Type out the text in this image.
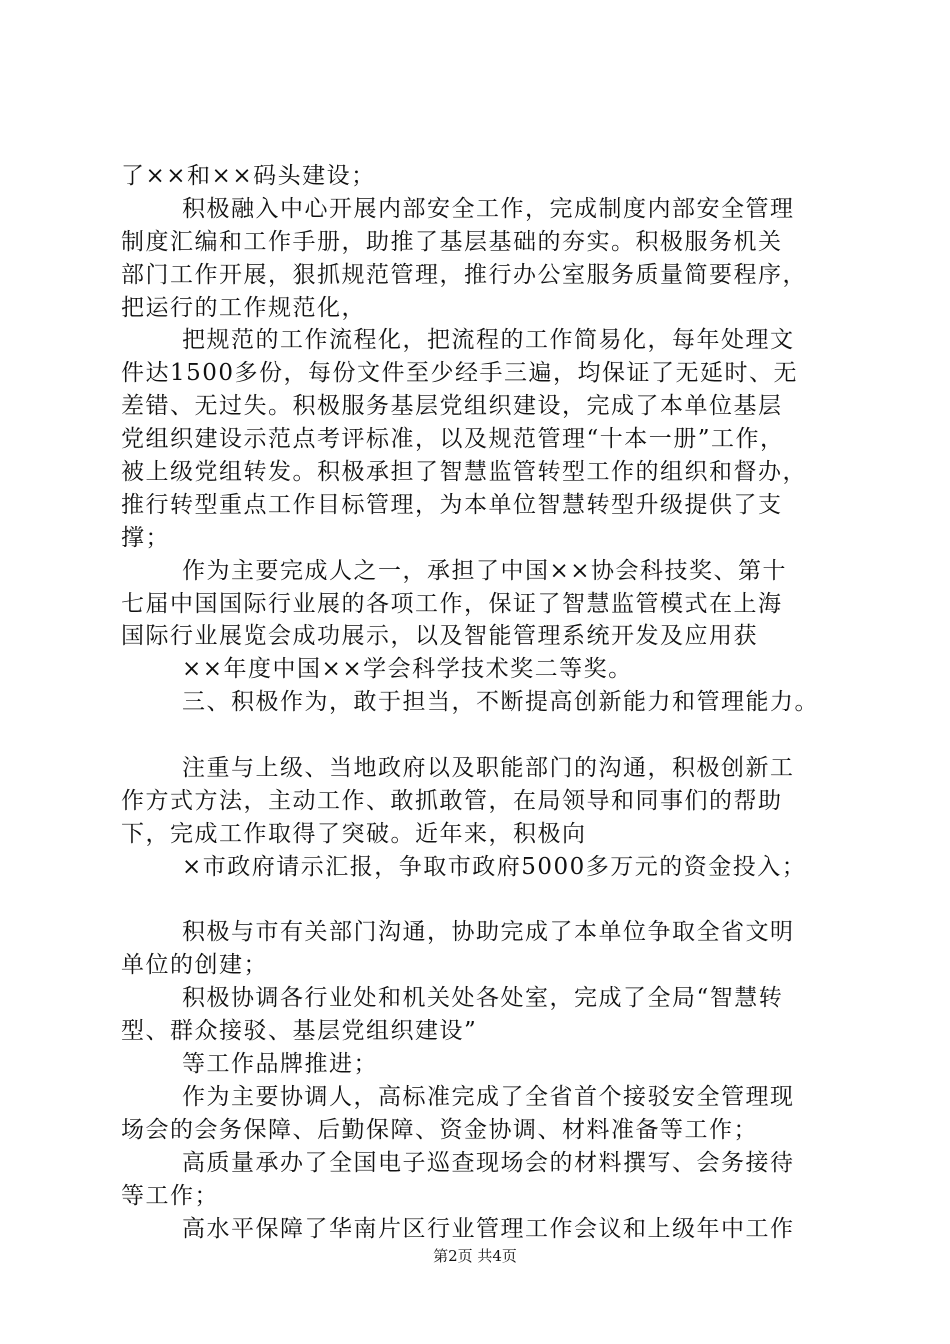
了××和××码头建设；
积极融入中心开展内部安全工作，完成制度内部安全管理
制度汇编和工作手册，助推了基层基础的夯实。积极服务机关
部门工作开展，狠抓规范管理，推行办公室服务质量简要程序，
把运行的工作规范化，
把规范的工作流程化，把流程的工作简易化，每年处理文
件达1500多份，每份文件至少经手三遍，均保证了无延时、无
差错、无过失。积极服务基层党组织建设，完成了本单位基层
党组织建设示范点考评标准，以及规范管理“十本一册”工作，
被上级党组转发。积极承担了智慧监管转型工作的组织和督办，
推行转型重点工作目标管理，为本单位智慧转型升级提供了支
撑；
作为主要完成人之一，承担了中国××协会科技奖、第十
七届中国国际行业展的各项工作，保证了智慧监管模式在上海
国际行业展览会成功展示，以及智能管理系统开发及应用获
××年度中国××学会科学技术奖二等奖。
三、积极作为，敢于担当，不断提高创新能力和管理能力。
注重与上级、当地政府以及职能部门的沟通，积极创新工
作方式方法，主动工作、敢抓敢管，在局领导和同事们的帮助
下，完成工作取得了突破。近年来，积极向
×市政府请示汇报，争取市政府5000多万元的资金投入；
积极与市有关部门沟通，协助完成了本单位争取全省文明
单位的创建；
积极协调各行业处和机关处各处室，完成了全局“智慧转
型、群众接驳、基层党组织建设”
等工作品牌推进；
作为主要协调人，高标准完成了全省首个接驳安全管理现
场会的会务保障、后勤保障、资金协调、材料准备等工作；
高质量承办了全国电子巡查现场会的材料撰写、会务接待
等工作；
高水平保障了华南片区行业管理工作会议和上级年中工作
第2页 共4页
